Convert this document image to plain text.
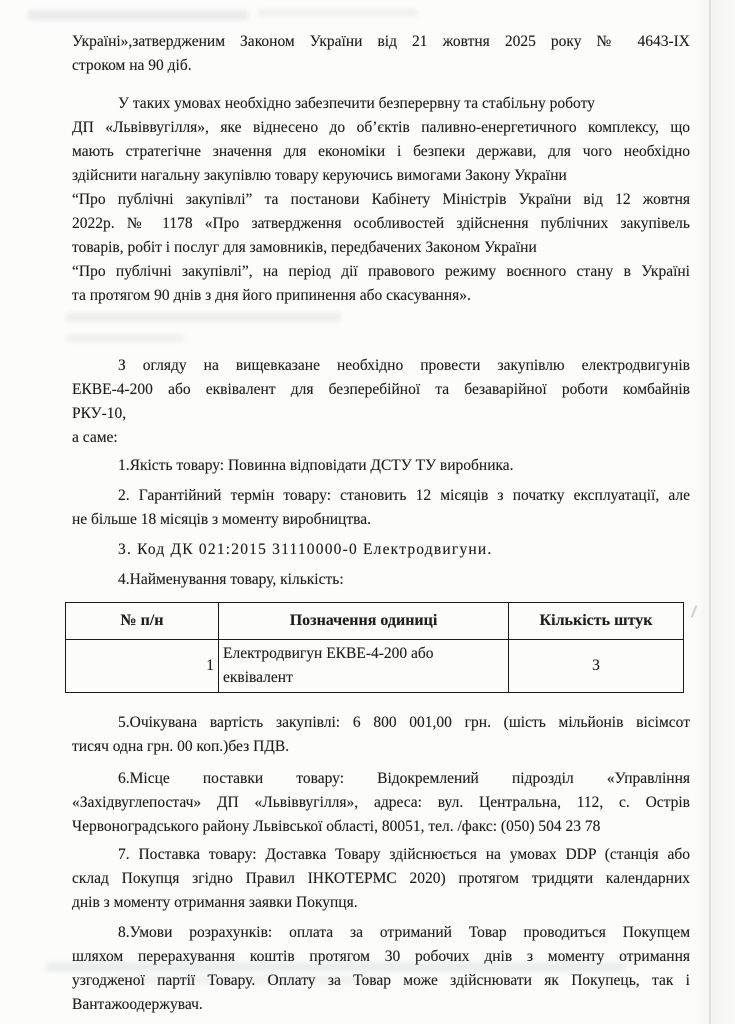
Україні»,затвердженим Законом України від 21 жовтня 2025 року № 4643-IX
строком на 90 діб.
У таких умовах необхідно забезпечити безперервну та стабільну роботу
ДП «Львіввугілля», яке віднесено до об’єктів паливно-енергетичного комплексу, що
мають стратегічне значення для економіки і безпеки держави, для чого необхідно
здійснити нагальну закупівлю товару керуючись вимогами Закону України
“Про публічні закупівлі” та постанови Кабінету Міністрів України від 12 жовтня
2022р. № 1178 «Про затвердження особливостей здійснення публічних закупівель
товарів, робіт і послуг для замовників, передбачених Законом України
“Про публічні закупівлі”, на період дії правового режиму воєнного стану в Україні
та протягом 90 днів з дня його припинення або скасування».
З огляду на вищевказане необхідно провести закупівлю електродвигунів
ЕКВЕ-4-200 або еквівалент для безперебійної та безаварійної роботи комбайнів
РКУ-10,
а саме:
1.Якість товару: Повинна відповідати ДСТУ ТУ виробника.
2. Гарантійний термін товару: становить 12 місяців з початку експлуатації, але
не більше 18 місяців з моменту виробництва.
3. Код ДК 021:2015 31110000-0 Електродвигуни.
4.Найменування товару, кількість:
№ п/н	Позначення одиниці	Кількість штук
1	Електродвигун ЕКВЕ-4-200 або еквівалент	3
5.Очікувана вартість закупівлі: 6 800 001,00 грн. (шість мільйонів вісімсот
тисяч одна грн. 00 коп.)без ПДВ.
6.Місце поставки товару: Відокремлений підрозділ «Управління
«Західвуглепостач» ДП «Львіввугілля», адреса: вул. Центральна, 112, с. Острів
Червоноградського району Львівської області, 80051, тел. /факс: (050) 504 23 78
7. Поставка товару: Доставка Товару здійснюється на умовах DDP (станція або
склад Покупця згідно Правил ІНКОТЕРМС 2020) протягом тридцяти календарних
днів з моменту отримання заявки Покупця.
8.Умови розрахунків: оплата за отриманий Товар проводиться Покупцем
шляхом перерахування коштів протягом 30 робочих днів з моменту отримання
узгодженої партії Товару. Оплату за Товар може здійснювати як Покупець, так і
Вантажоодержувач.
